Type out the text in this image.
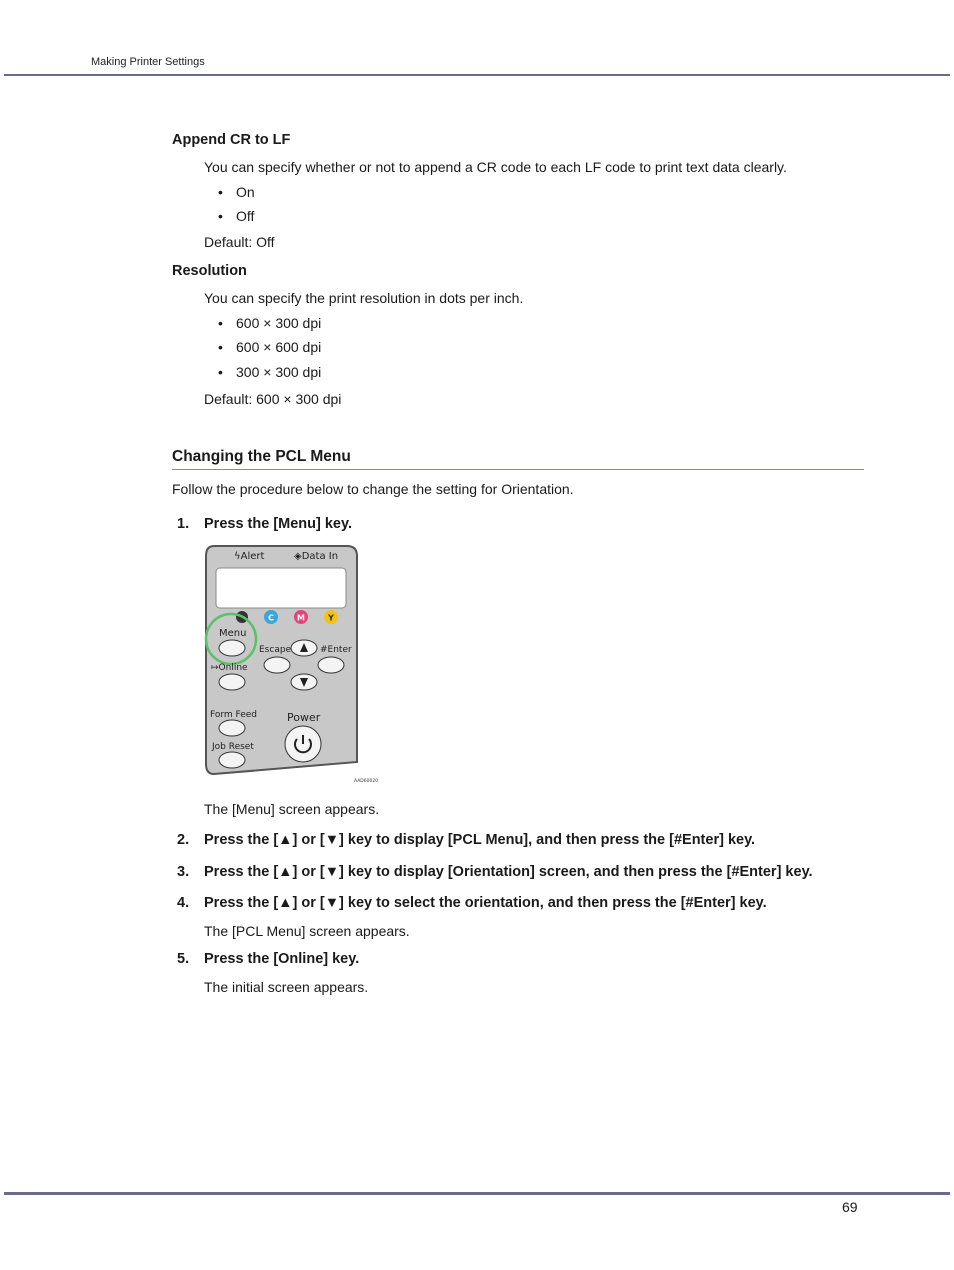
Making Printer Settings
Append CR to LF
You can specify whether or not to append a CR code to each LF code to print text data clearly.
• On
• Off
Default: Off
Resolution
You can specify the print resolution in dots per inch.
• 600 × 300 dpi
• 600 × 600 dpi
• 300 × 300 dpi
Default: 600 × 300 dpi
Changing the PCL Menu
Follow the procedure below to change the setting for Orientation.
1. Press the [Menu] key.
ϟAlert	◈Data In
C	M	Y
Menu
Escape	#Enter
↦Online
Form Feed	Power
Job Reset
AAD60020
The [Menu] screen appears.
2. Press the [▲] or [▼] key to display [PCL Menu], and then press the [#Enter] key.
3. Press the [▲] or [▼] key to display [Orientation] screen, and then press the [#Enter] key.
4. Press the [▲] or [▼] key to select the orientation, and then press the [#Enter] key.
The [PCL Menu] screen appears.
5. Press the [Online] key.
The initial screen appears.
69
